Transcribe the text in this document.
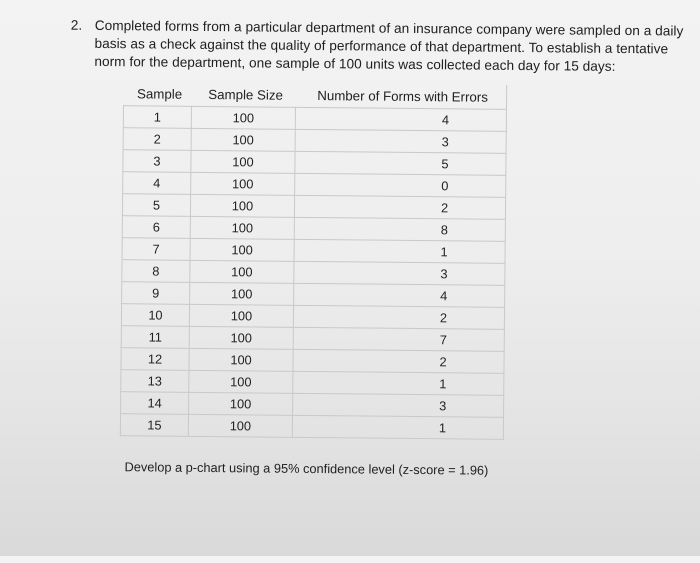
2. Completed forms from a particular department of an insurance company were sampled on a daily
basis as a check against the quality of performance of that department. To establish a tentative
norm for the department, one sample of 100 units was collected each day for 15 days:
Sample	Sample Size	Number of Forms with Errors
1	100	4
2	100	3
3	100	5
4	100	0
5	100	2
6	100	8
7	100	1
8	100	3
9	100	4
10	100	2
11	100	7
12	100	2
13	100	1
14	100	3
15	100	1
Develop a p-chart using a 95% confidence level (z-score = 1.96)
